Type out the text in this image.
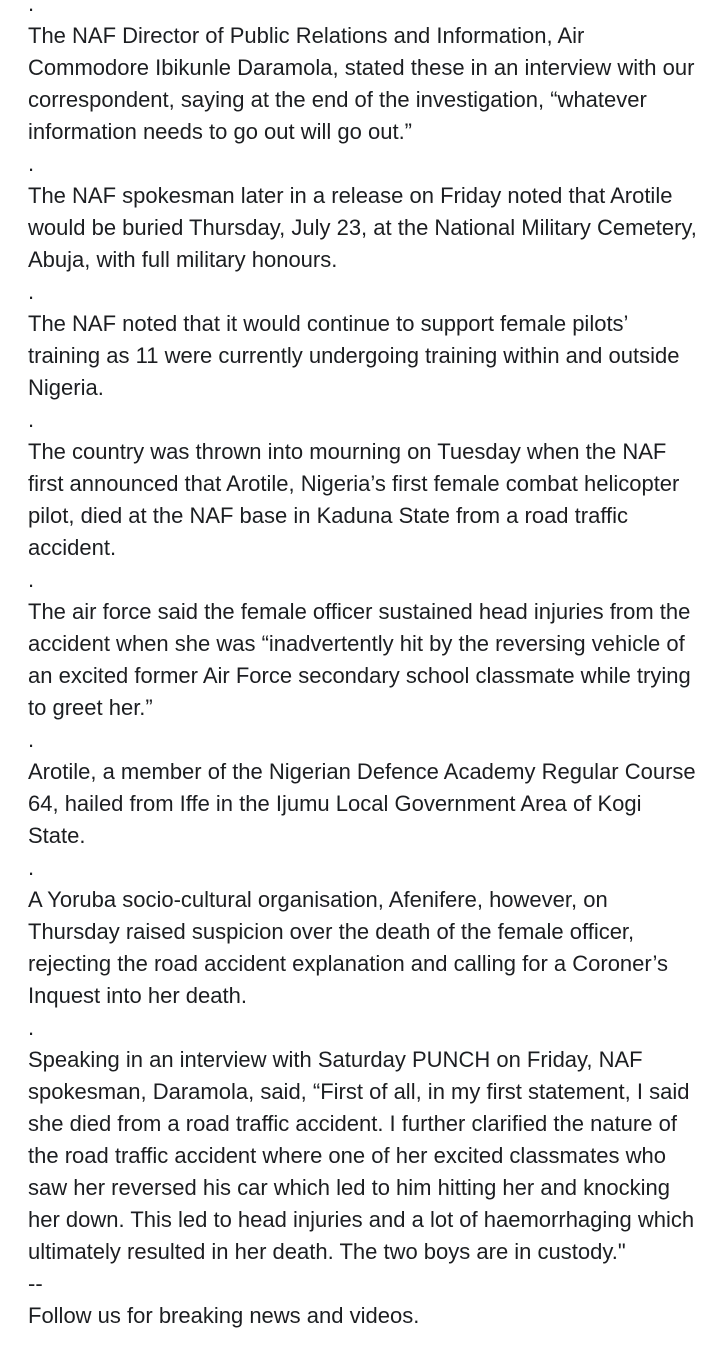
.

The NAF Director of Public Relations and Information, Air Commodore Ibikunle Daramola, stated these in an interview with our correspondent, saying at the end of the investigation, “whatever information needs to go out will go out.”

.

The NAF spokesman later in a release on Friday noted that Arotile would be buried Thursday, July 23, at the National Military Cemetery, Abuja, with full military honours.

.

The NAF noted that it would continue to support female pilots’ training as 11 were currently undergoing training within and outside Nigeria.

.

The country was thrown into mourning on Tuesday when the NAF first announced that Arotile, Nigeria’s first female combat helicopter pilot, died at the NAF base in Kaduna State from a road traffic accident.

.

The air force said the female officer sustained head injuries from the accident when she was “inadvertently hit by the reversing vehicle of an excited former Air Force secondary school classmate while trying to greet her.”

.

Arotile, a member of the Nigerian Defence Academy Regular Course 64, hailed from Iffe in the Ijumu Local Government Area of Kogi State.

.

A Yoruba socio-cultural organisation, Afenifere, however, on Thursday raised suspicion over the death of the female officer, rejecting the road accident explanation and calling for a Coroner’s Inquest into her death.

.

Speaking in an interview with Saturday PUNCH on Friday, NAF spokesman, Daramola, said, “First of all, in my first statement, I said she died from a road traffic accident. I further clarified the nature of the road traffic accident where one of her excited classmates who saw her reversed his car which led to him hitting her and knocking her down. This led to head injuries and a lot of haemorrhaging which ultimately resulted in her death. The two boys are in custody."

--

Follow us for breaking news and videos.
